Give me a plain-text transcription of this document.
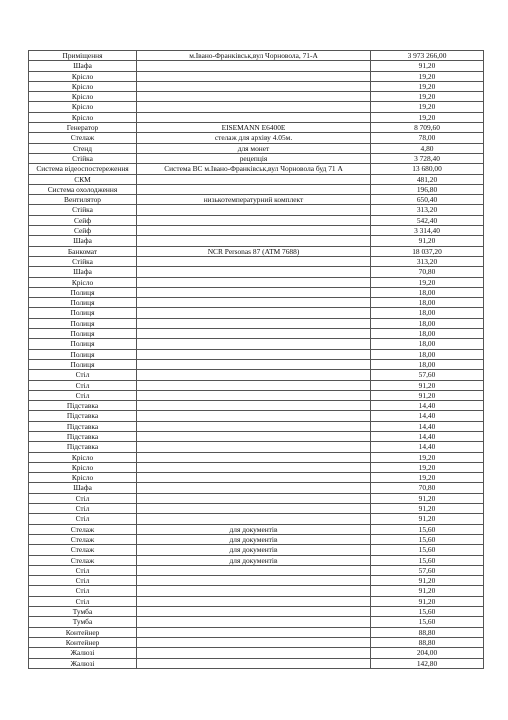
Приміщення	м.Івано-Франківськ,вул Чорновола, 71-А	3 973 266,00
Шафа		91,20
Крісло		19,20
Крісло		19,20
Крісло		19,20
Крісло		19,20
Крісло		19,20
Генератор	EISEMANN E6400E	8 709,60
Стелаж	стелаж для архіву 4.05м.	78,00
Стенд	для монет	4,80
Стійка	рецепція	3 728,40
Система відеоспостереження	Система ВС м.Івано-Франківськ,вул Чорновола буд 71 А	13 680,00
СКМ		481,20
Система охолодження		196,80
Вентилятор	низькотемпературний комплект	650,40
Стійка		313,20
Сейф		542,40
Сейф		3 314,40
Шафа		91,20
Банкомат	NCR Personas 87 (ATM 7688)	18 037,20
Стійка		313,20
Шафа		70,80
Крісло		19,20
Полиця		18,00
Полиця		18,00
Полиця		18,00
Полиця		18,00
Полиця		18,00
Полиця		18,00
Полиця		18,00
Полиця		18,00
Стіл		57,60
Стіл		91,20
Стіл		91,20
Підставка		14,40
Підставка		14,40
Підставка		14,40
Підставка		14,40
Підставка		14,40
Крісло		19,20
Крісло		19,20
Крісло		19,20
Шафа		70,80
Стіл		91,20
Стіл		91,20
Стіл		91,20
Стелаж	для документів	15,60
Стелаж	для документів	15,60
Стелаж	для документів	15,60
Стелаж	для документів	15,60
Стіл		57,60
Стіл		91,20
Стіл		91,20
Стіл		91,20
Тумба		15,60
Тумба		15,60
Контейнер		88,80
Контейнер		88,80
Жалюзі		204,00
Жалюзі		142,80
